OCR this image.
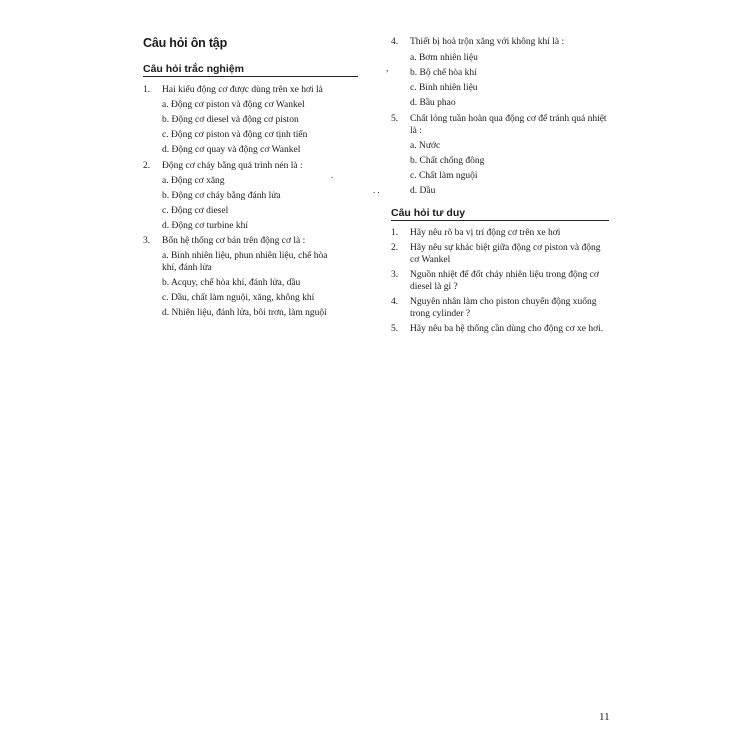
Câu hỏi ôn tập
Câu hỏi trắc nghiệm
1. Hai kiểu động cơ được dùng trên xe hơi là
a. Động cơ piston và động cơ Wankel
b. Động cơ diesel và động cơ piston
c. Động cơ piston và động cơ tịnh tiến
d. Động cơ quay và động cơ Wankel
2. Động cơ cháy bằng quá trình nén là :
a. Động cơ xăng
b. Động cơ cháy bằng đánh lửa
c. Động cơ diesel
d. Động cơ turbine khí
3. Bốn hệ thống cơ bản trên động cơ là :
a. Bình nhiên liệu, phun nhiên liệu, chế hòa
khí, đánh lửa
b. Acquy, chế hòa khí, đánh lửa, dầu
c. Dầu, chất làm nguội, xăng, không khí
d. Nhiên liệu, đánh lửa, bôi trơn, làm nguội
4. Thiết bị hoà trộn xăng với không khí là :
a. Bơm nhiên liệu
b. Bộ chế hòa khí
c. Bình nhiên liệu
d. Bầu phao
5. Chất lỏng tuần hoàn qua động cơ để tránh quá nhiệt là :
a. Nước
b. Chất chống đông
c. Chất làm nguội
d. Dầu
Câu hỏi tư duy
1. Hãy nêu rõ ba vị trí động cơ trên xe hơi
2. Hãy nêu sự khác biệt giữa động cơ piston và động cơ Wankel
3. Nguồn nhiệt để đốt cháy nhiên liệu trong động cơ diesel là gì ?
4. Nguyên nhân làm cho piston chuyển động xuống trong cylinder ?
5. Hãy nêu ba hệ thống cần dùng cho động cơ xe hơi.
,
. .
.
11
